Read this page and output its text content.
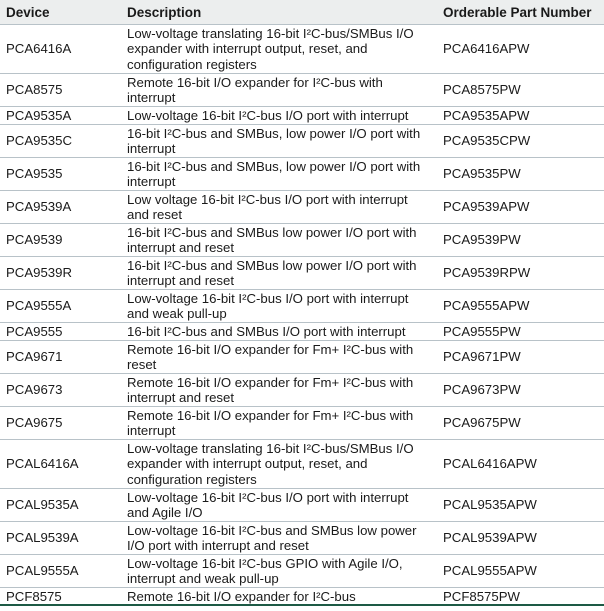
Device	Description	Orderable Part Number
PCA6416A	Low-voltage translating 16-bit I²C-bus/SMBus I/O expander with interrupt output, reset, and configuration registers	PCA6416APW
PCA8575	Remote 16-bit I/O expander for I²C-bus with interrupt	PCA8575PW
PCA9535A	Low-voltage 16-bit I²C-bus I/O port with interrupt	PCA9535APW
PCA9535C	16-bit I²C-bus and SMBus, low power I/O port with interrupt	PCA9535CPW
PCA9535	16-bit I²C-bus and SMBus, low power I/O port with interrupt	PCA9535PW
PCA9539A	Low voltage 16-bit I²C-bus I/O port with interrupt and reset	PCA9539APW
PCA9539	16-bit I²C-bus and SMBus low power I/O port with interrupt and reset	PCA9539PW
PCA9539R	16-bit I²C-bus and SMBus low power I/O port with interrupt and reset	PCA9539RPW
PCA9555A	Low-voltage 16-bit I²C-bus I/O port with interrupt and weak pull-up	PCA9555APW
PCA9555	16-bit I²C-bus and SMBus I/O port with interrupt	PCA9555PW
PCA9671	Remote 16-bit I/O expander for Fm+ I²C-bus with reset	PCA9671PW
PCA9673	Remote 16-bit I/O expander for Fm+ I²C-bus with interrupt and reset	PCA9673PW
PCA9675	Remote 16-bit I/O expander for Fm+ I²C-bus with interrupt	PCA9675PW
PCAL6416A	Low-voltage translating 16-bit I²C-bus/SMBus I/O expander with interrupt output, reset, and configuration registers	PCAL6416APW
PCAL9535A	Low-voltage 16-bit I²C-bus I/O port with interrupt and Agile I/O	PCAL9535APW
PCAL9539A	Low-voltage 16-bit I²C-bus and SMBus low power I/O port with interrupt and reset	PCAL9539APW
PCAL9555A	Low-voltage 16-bit I²C-bus GPIO with Agile I/O, interrupt and weak pull-up	PCAL9555APW
PCF8575	Remote 16-bit I/O expander for I²C-bus	PCF8575PW
